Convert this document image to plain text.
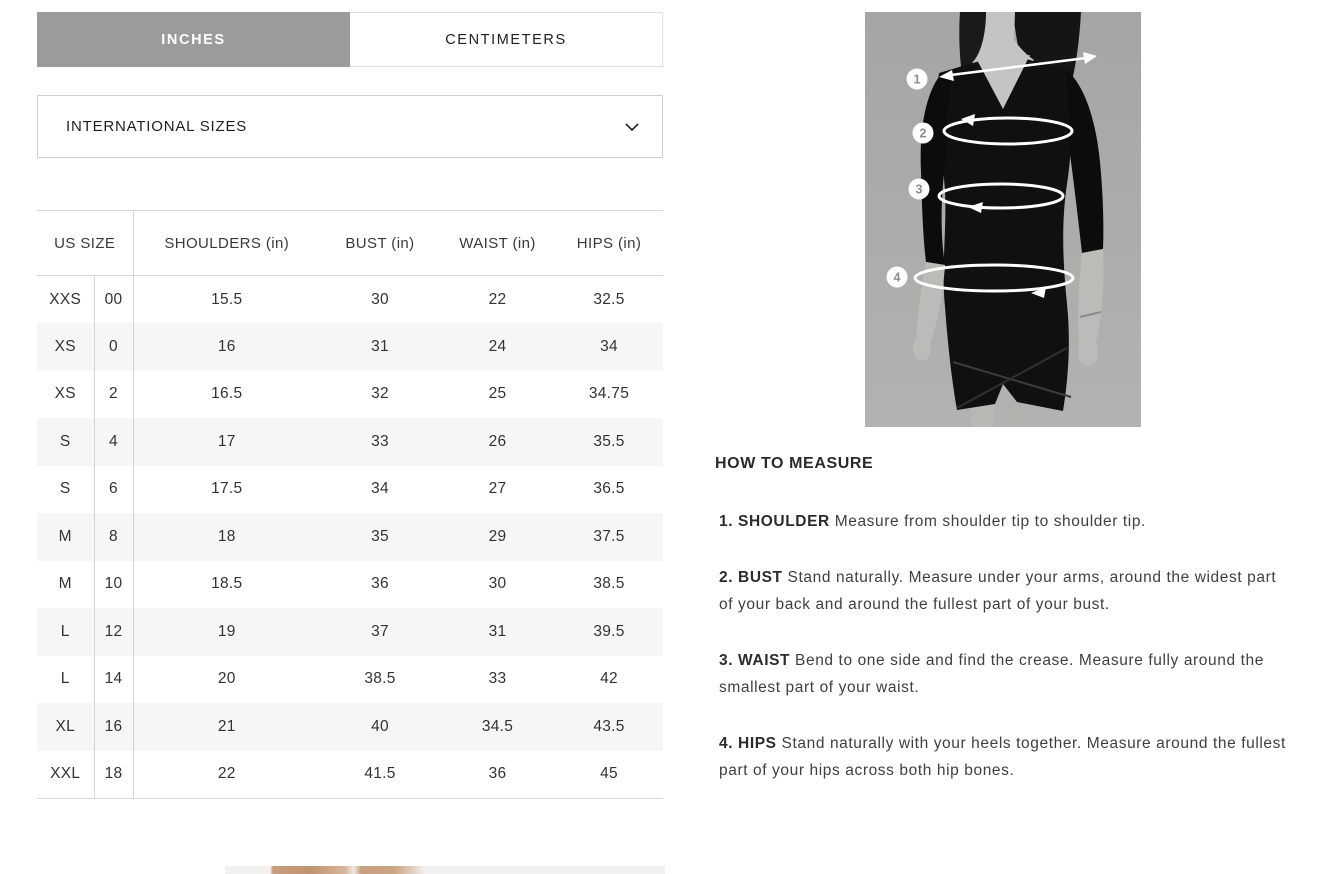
INCHES	CENTIMETERS
INTERNATIONAL SIZES
US SIZE		SHOULDERS (in)	BUST (in)	WAIST (in)	HIPS (in)
XXS	00	15.5	30	22	32.5
XS	0	16	31	24	34
XS	2	16.5	32	25	34.75
S	4	17	33	26	35.5
S	6	17.5	34	27	36.5
M	8	18	35	29	37.5
M	10	18.5	36	30	38.5
L	12	19	37	31	39.5
L	14	20	38.5	33	42
XL	16	21	40	34.5	43.5
XXL	18	22	41.5	36	45
1
2
3
4
HOW TO MEASURE

1. SHOULDER Measure from shoulder tip to shoulder tip.

2. BUST Stand naturally. Measure under your arms, around the widest part of your back and around the fullest part of your bust.

3. WAIST Bend to one side and find the crease. Measure fully around the smallest part of your waist.

4. HIPS Stand naturally with your heels together. Measure around the fullest part of your hips across both hip bones.
